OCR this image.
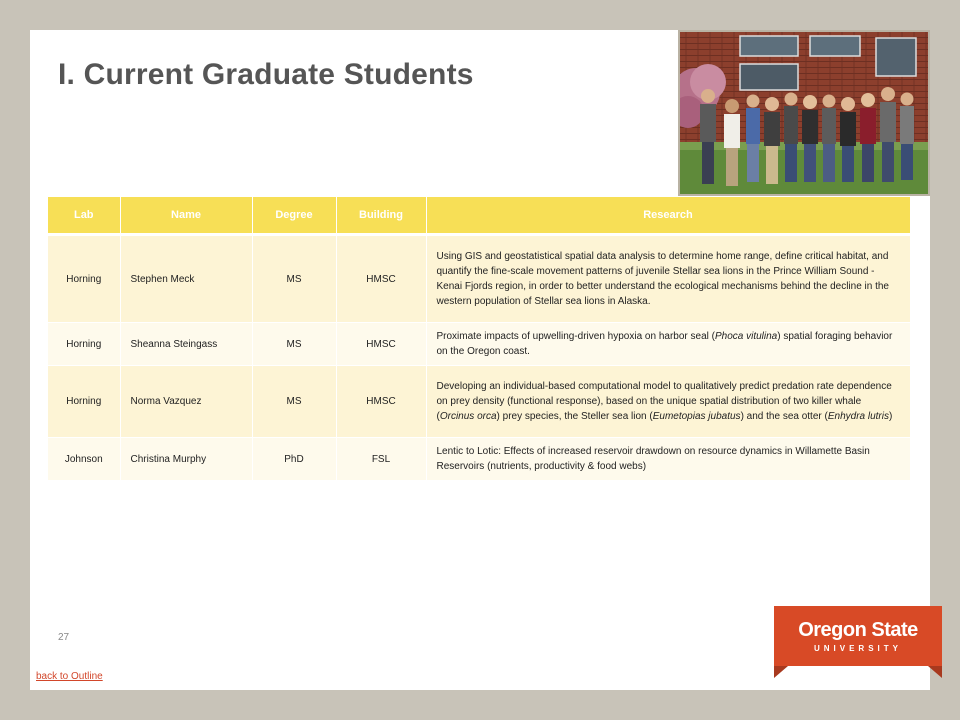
I. Current Graduate Students
Lab	Name	Degree	Building	Research
Horning	Stephen Meck	MS	HMSC	Using GIS and geostatistical spatial data analysis to determine home range, define critical habitat, and quantify the fine-scale movement patterns of juvenile Stellar sea lions in the Prince William Sound - Kenai Fjords region, in order to better understand the ecological mechanisms behind the decline in the western population of Stellar sea lions in Alaska.
Horning	Sheanna Steingass	MS	HMSC	Proximate impacts of upwelling-driven hypoxia on harbor seal (Phoca vitulina) spatial foraging behavior on the Oregon coast.
Horning	Norma Vazquez	MS	HMSC	Developing an individual-based computational model to qualitatively predict predation rate dependence on prey density (functional response), based on the unique spatial distribution of two killer whale (Orcinus orca) prey species, the Steller sea lion (Eumetopias jubatus) and the sea otter (Enhydra lutris)
Johnson	Christina Murphy	PhD	FSL	Lentic to Lotic: Effects of increased reservoir drawdown on resource dynamics in Willamette Basin Reservoirs (nutrients, productivity & food webs)
27
back to Outline
Oregon State
UNIVERSITY
